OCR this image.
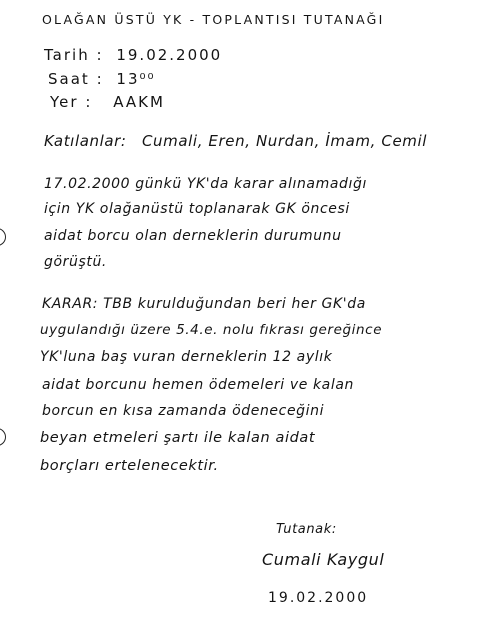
OLAĞAN ÜSTÜ YK - TOPLANTISI TUTANAĞI
Tarih : 19.02.2000
Saat : 13⁰⁰
Yer : AAKM
Katılanlar: Cumali, Eren, Nurdan, İmam, Cemil
17.02.2000 günkü YK'da karar alınamadığı
için YK olağanüstü toplanarak GK öncesi
aidat borcu olan derneklerin durumunu
görüştü.
KARAR: TBB kurulduğundan beri her GK'da
uygulandığı üzere 5.4.e. nolu fıkrası gereğince
YK'luna baş vuran derneklerin 12 aylık
aidat borcunu hemen ödemeleri ve kalan
borcun en kısa zamanda ödeneceğini
beyan etmeleri şartı ile kalan aidat
borçları ertelenecektir.
Tutanak:
Cumali Kaygul
19.02.2000
